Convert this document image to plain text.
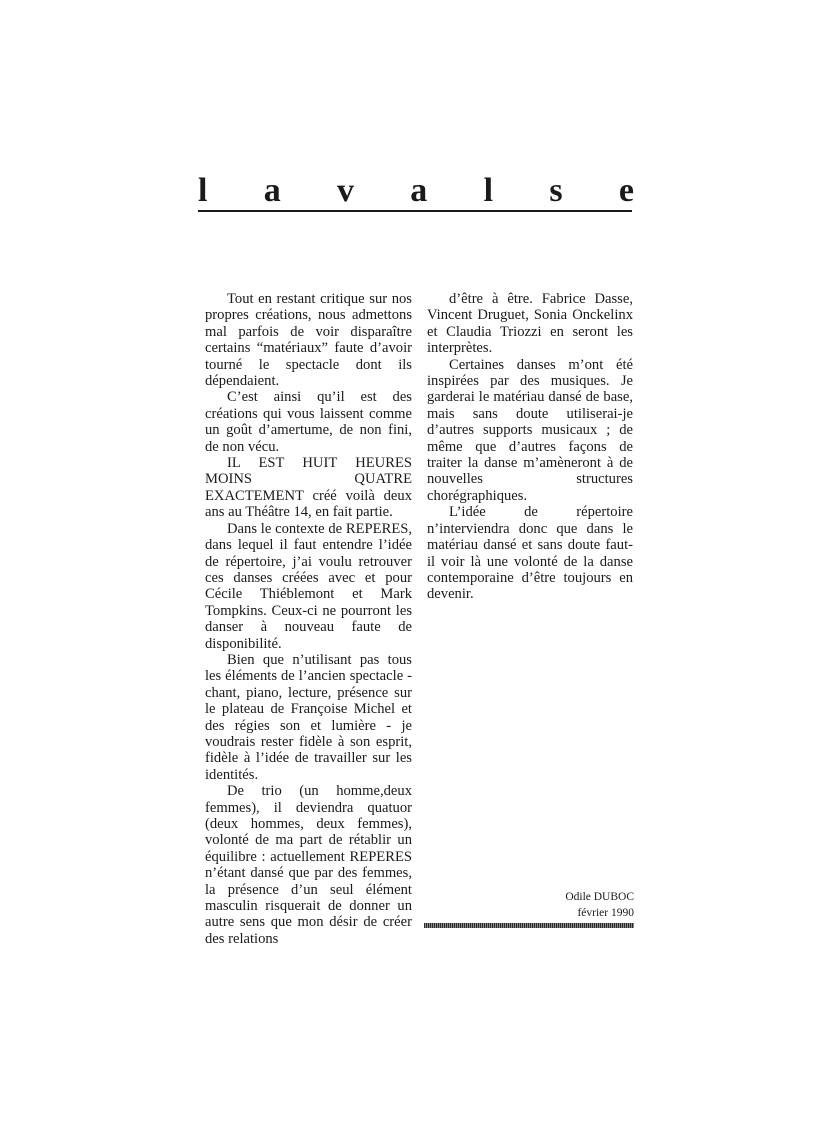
l a v a l s e

Tout en restant critique sur nos propres créations, nous admettons mal parfois de voir disparaître certains “matériaux” faute d’avoir tourné le spectacle dont ils dépendaient.

C’est ainsi qu’il est des créations qui vous laissent comme un goût d’amertume, de non fini, de non vécu.

IL EST HUIT HEURES MOINS QUATRE EXACTEMENT créé voilà deux ans au Théâtre 14, en fait partie.

Dans le contexte de REPERES, dans lequel il faut entendre l’idée de répertoire, j’ai voulu retrouver ces danses créées avec et pour Cécile Thiéblemont et Mark Tompkins. Ceux-ci ne pourront les danser à nouveau faute de disponibilité.

Bien que n’utilisant pas tous les éléments de l’ancien spectacle - chant, piano, lecture, présence sur le plateau de Françoise Michel et des régies son et lumière - je voudrais rester fidèle à son esprit, fidèle à l’idée de travailler sur les identités.

De trio (un homme,deux femmes), il deviendra quatuor (deux hommes, deux femmes), volonté de ma part de rétablir un équilibre : actuellement REPERES n’étant dansé que par des femmes, la présence d’un seul élément masculin risquerait de donner un autre sens que mon désir de créer des relations

d’être à être. Fabrice Dasse, Vincent Druguet, Sonia Onckelinx et Claudia Triozzi en seront les interprètes.

Certaines danses m’ont été inspirées par des musiques. Je garderai le matériau dansé de base, mais sans doute utiliserai-je d’autres supports musicaux ; de même que d’autres façons de traiter la danse m’amèneront à de nouvelles structures chorégraphiques.

L’idée de répertoire n’interviendra donc que dans le matériau dansé et sans doute faut-il voir là une volonté de la danse contemporaine d’être toujours en devenir.

Odile DUBOC
février 1990
